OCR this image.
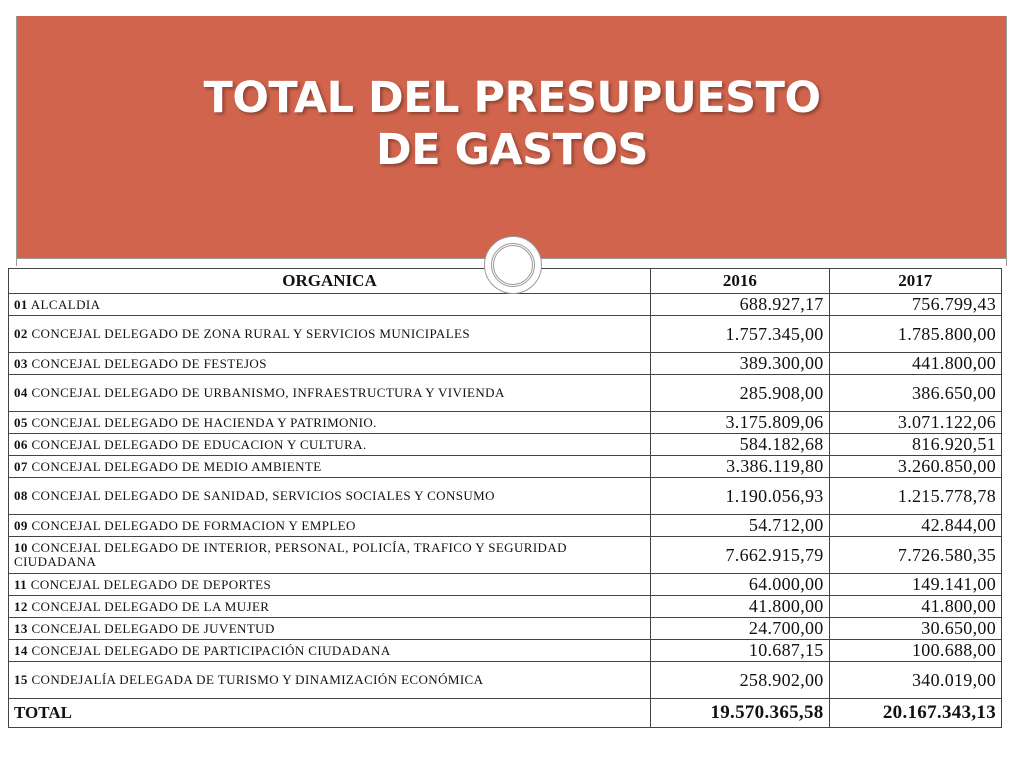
TOTAL DEL PRESUPUESTO
DE GASTOS
ORGANICA	2016	2017
01 ALCALDIA	688.927,17	756.799,43
02 CONCEJAL DELEGADO DE ZONA RURAL Y SERVICIOS MUNICIPALES	1.757.345,00	1.785.800,00
03 CONCEJAL DELEGADO DE FESTEJOS	389.300,00	441.800,00
04 CONCEJAL DELEGADO DE URBANISMO, INFRAESTRUCTURA Y VIVIENDA	285.908,00	386.650,00
05 CONCEJAL DELEGADO DE HACIENDA Y PATRIMONIO.	3.175.809,06	3.071.122,06
06 CONCEJAL DELEGADO DE EDUCACION Y CULTURA.	584.182,68	816.920,51
07 CONCEJAL DELEGADO DE MEDIO AMBIENTE	3.386.119,80	3.260.850,00
08 CONCEJAL DELEGADO DE SANIDAD, SERVICIOS SOCIALES Y CONSUMO	1.190.056,93	1.215.778,78
09 CONCEJAL DELEGADO DE FORMACION Y EMPLEO	54.712,00	42.844,00
10 CONCEJAL DELEGADO DE INTERIOR, PERSONAL, POLICÍA, TRAFICO Y SEGURIDAD CIUDADANA	7.662.915,79	7.726.580,35
11 CONCEJAL DELEGADO DE DEPORTES	64.000,00	149.141,00
12 CONCEJAL DELEGADO DE LA MUJER	41.800,00	41.800,00
13 CONCEJAL DELEGADO DE JUVENTUD	24.700,00	30.650,00
14 CONCEJAL DELEGADO DE PARTICIPACIÓN CIUDADANA	10.687,15	100.688,00
15 CONDEJALÍA DELEGADA DE TURISMO Y DINAMIZACIÓN ECONÓMICA	258.902,00	340.019,00
TOTAL	19.570.365,58	20.167.343,13
